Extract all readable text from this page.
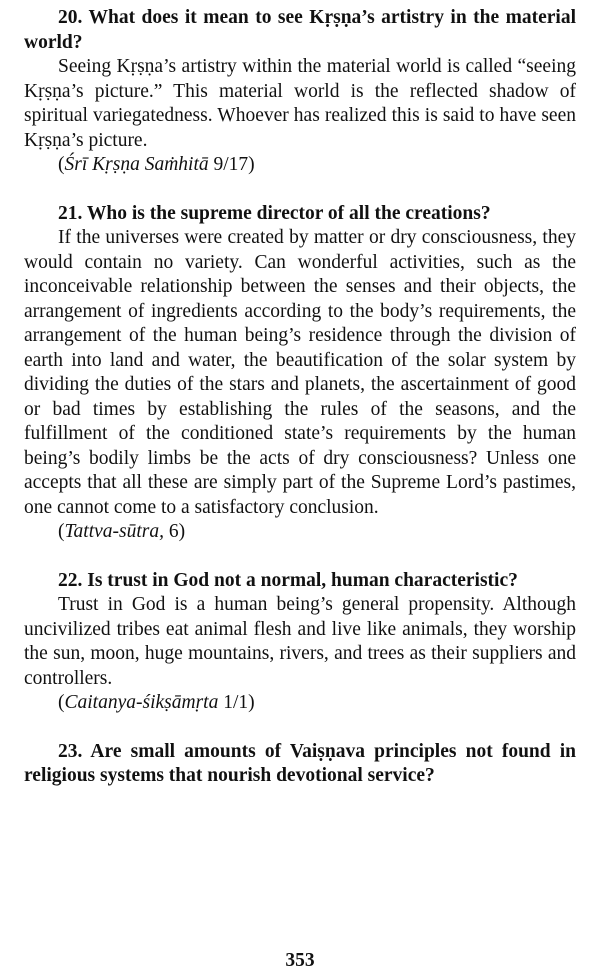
20. What does it mean to see Kṛṣṇa’s artistry in the material world?

Seeing Kṛṣṇa’s artistry within the material world is called “seeing Kṛṣṇa’s picture.” This material world is the reflected shadow of spiritual variegatedness. Whoever has realized this is said to have seen Kṛṣṇa’s picture.

(Śrī Kṛṣṇa Saṁhitā 9/17)

21. Who is the supreme director of all the creations?

If the universes were created by matter or dry consciousness, they would contain no variety. Can wonderful activities, such as the inconceivable relationship between the senses and their objects, the arrangement of ingredients according to the body’s requirements, the arrangement of the human being’s residence through the division of earth into land and water, the beautification of the solar system by dividing the duties of the stars and planets, the ascertainment of good or bad times by establishing the rules of the seasons, and the fulfillment of the conditioned state’s requirements by the human being’s bodily limbs be the acts of dry consciousness? Unless one accepts that all these are simply part of the Supreme Lord’s pastimes, one cannot come to a satisfactory conclusion.

(Tattva-sūtra, 6)

22. Is trust in God not a normal, human characteristic?

Trust in God is a human being’s general propensity. Although uncivilized tribes eat animal flesh and live like animals, they worship the sun, moon, huge mountains, rivers, and trees as their suppliers and controllers.

(Caitanya-śikṣāmṛta 1/1)

23. Are small amounts of Vaiṣṇava principles not found in religious systems that nourish devotional service?

353
